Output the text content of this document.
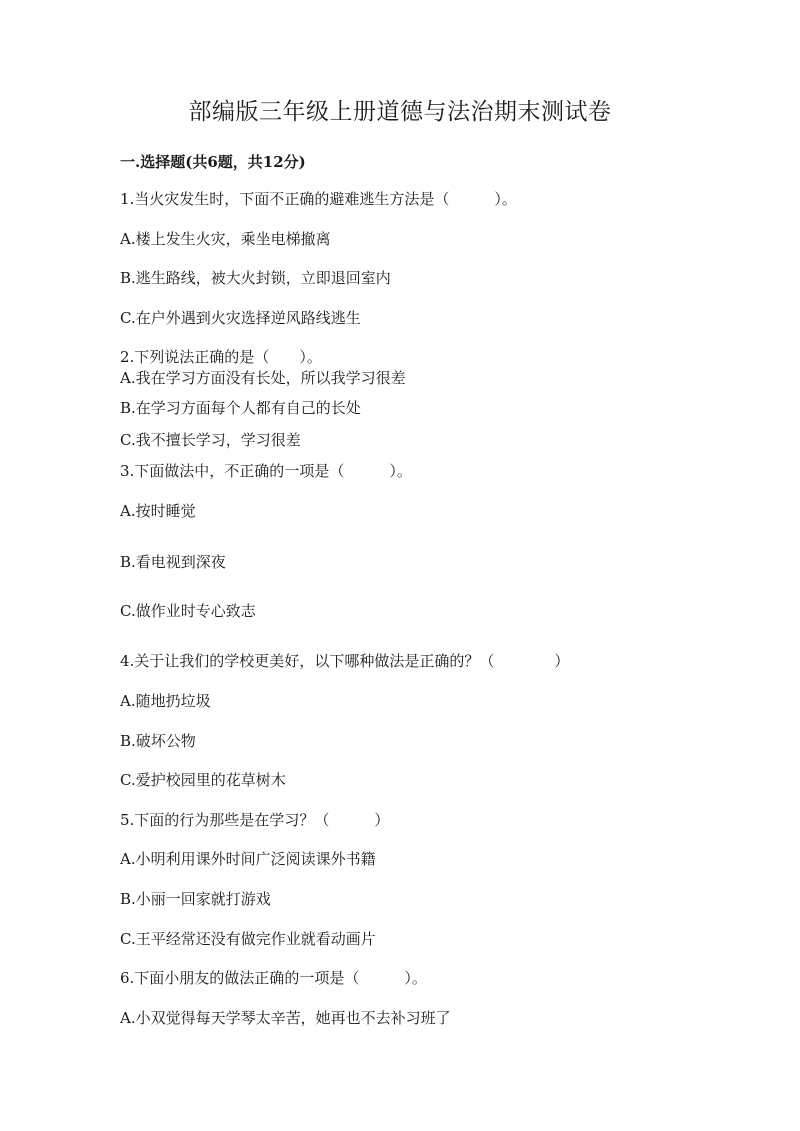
部编版三年级上册道德与法治期末测试卷
一.选择题(共6题，共12分)
1.当火灾发生时，下面不正确的避难逃生方法是（　　　）。
A.楼上发生火灾，乘坐电梯撤离
B.逃生路线，被大火封锁，立即退回室内
C.在户外遇到火灾选择逆风路线逃生
2.下列说法正确的是（　　）。
A.我在学习方面没有长处，所以我学习很差
B.在学习方面每个人都有自己的长处
C.我不擅长学习，学习很差
3.下面做法中，不正确的一项是（　　　）。
A.按时睡觉
B.看电视到深夜
C.做作业时专心致志
4.关于让我们的学校更美好，以下哪种做法是正确的？（　　　　）
A.随地扔垃圾
B.破坏公物
C.爱护校园里的花草树木
5.下面的行为那些是在学习？（　　　）
A.小明利用课外时间广泛阅读课外书籍
B.小丽一回家就打游戏
C.王平经常还没有做完作业就看动画片
6.下面小朋友的做法正确的一项是（　　　）。
A.小双觉得每天学琴太辛苦，她再也不去补习班了
